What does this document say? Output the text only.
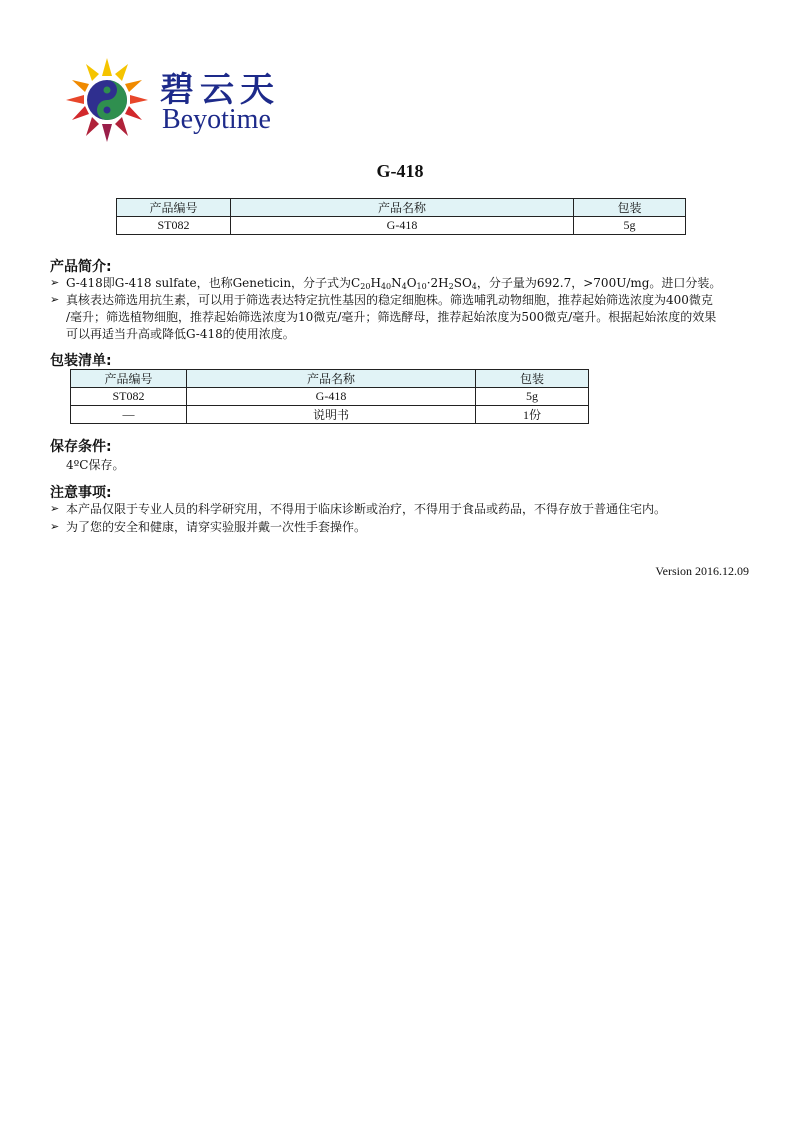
碧云天
Beyotime
G-418
产品编号	产品名称	包装
ST082	G-418	5g
产品简介:
➢ G-418即G-418 sulfate，也称Geneticin，分子式为$C_{20}H_{40}N_4O_{10}\cdot 2H_2SO_4$，分子量为692.7，>700U/mg。进口分装。
➢ 真核表达筛选用抗生素，可以用于筛选表达特定抗性基因的稳定细胞株。筛选哺乳动物细胞，推荐起始筛选浓度为400微克
/毫升；筛选植物细胞，推荐起始筛选浓度为10微克/毫升；筛选酵母，推荐起始浓度为500微克/毫升。根据起始浓度的效果
可以再适当升高或降低G-418的使用浓度。
包装清单:
产品编号	产品名称	包装
ST082	G-418	5g
—	说明书	1份
保存条件:
4ºC保存。
注意事项:
➢ 本产品仅限于专业人员的科学研究用，不得用于临床诊断或治疗，不得用于食品或药品，不得存放于普通住宅内。
➢ 为了您的安全和健康，请穿实验服并戴一次性手套操作。
Version 2016.12.09
